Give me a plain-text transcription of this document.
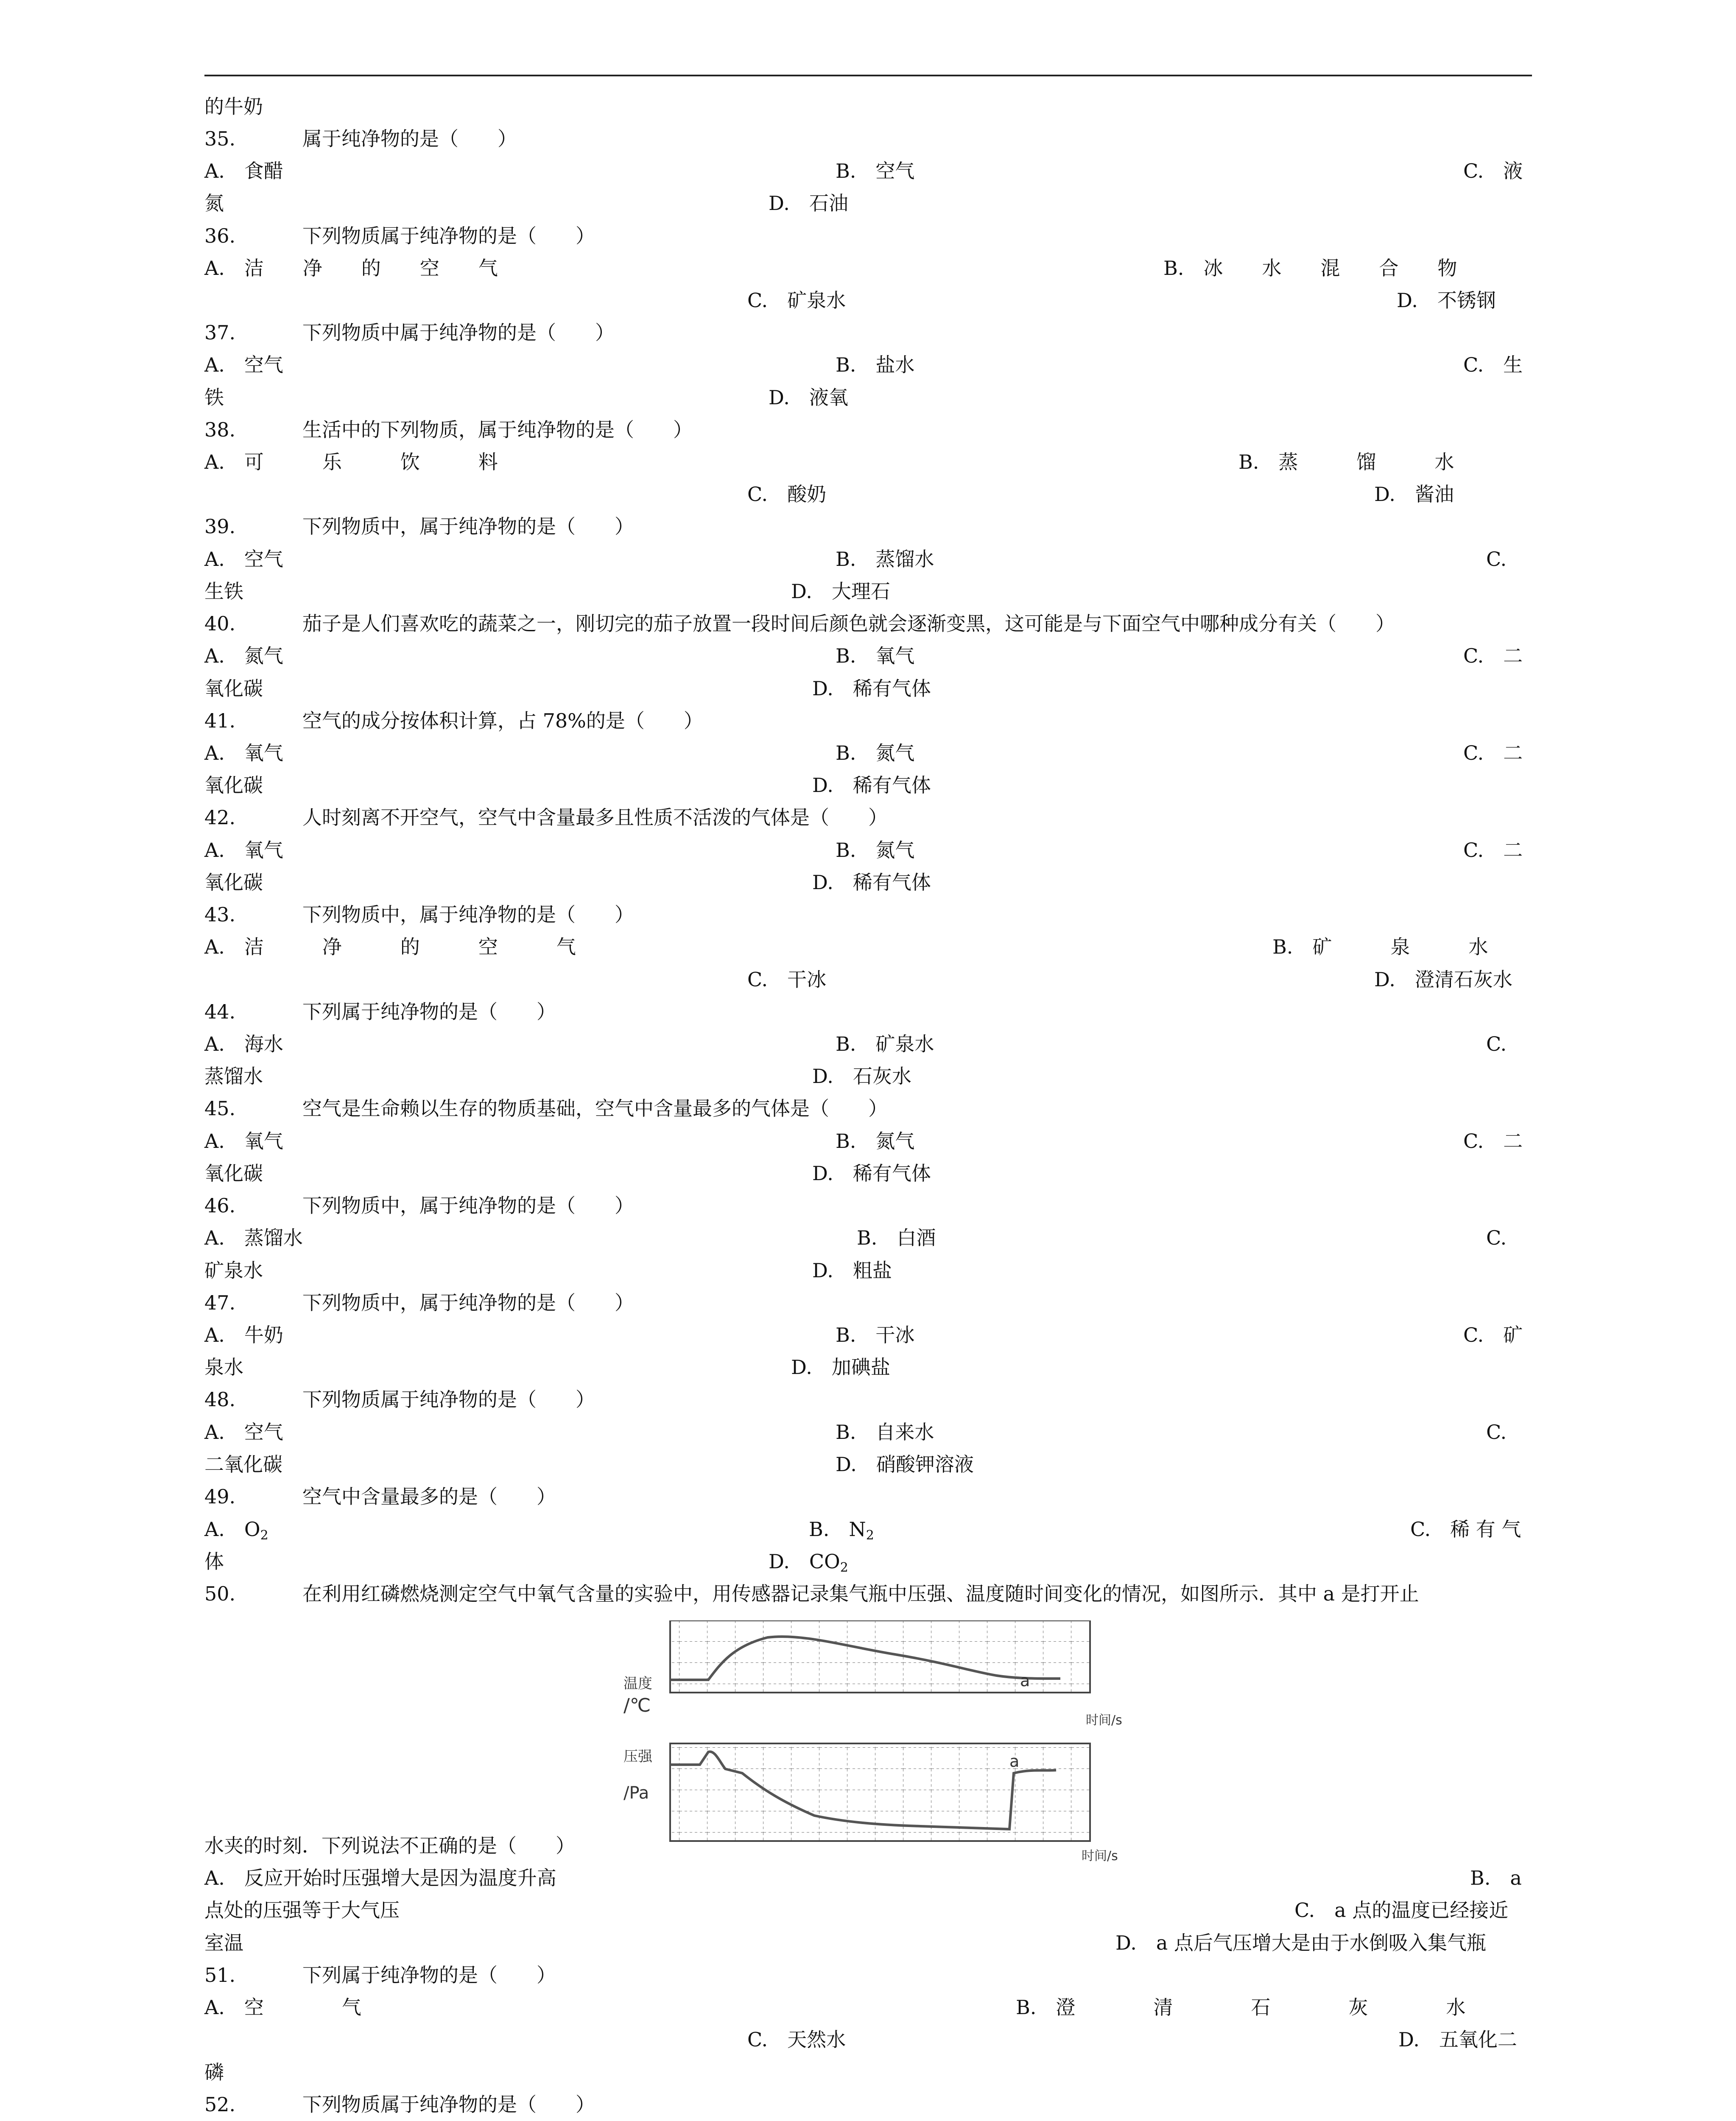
的牛奶
35.	属于纯净物的是（　　）
A.　食醋	B.　空气	C.　液
氮	D.　石油
36.	下列物质属于纯净物的是（　　）
A.　洁　　净　　的　　空　　气	B.　冰　　水　　混　　合　　物
C.　矿泉水	D.　不锈钢
37.	下列物质中属于纯净物的是（　　）
A.　空气	B.　盐水	C.　生
铁	D.　液氧
38.	生活中的下列物质，属于纯净物的是（　　）
A.　可　　　乐　　　饮　　　料	B.　蒸　　　馏　　　水
C.　酸奶	D.　酱油
39.	下列物质中，属于纯净物的是（　　）
A.　空气	B.　蒸馏水	C.
生铁	D.　大理石
40.	茄子是人们喜欢吃的蔬菜之一，刚切完的茄子放置一段时间后颜色就会逐渐变黑，这可能是与下面空气中哪种成分有关（　　）
A.　氮气	B.　氧气	C.　二
氧化碳	D.　稀有气体
41.	空气的成分按体积计算，占 78%的是（　　）
A.　氧气	B.　氮气	C.　二
氧化碳	D.　稀有气体
42.	人时刻离不开空气，空气中含量最多且性质不活泼的气体是（　　）
A.　氧气	B.　氮气	C.　二
氧化碳	D.　稀有气体
43.	下列物质中，属于纯净物的是（　　）
A.　洁　　　净　　　的　　　空　　　气	B.　矿　　　泉　　　水
C.　干冰	D.　澄清石灰水
44.	下列属于纯净物的是（　　）
A.　海水	B.　矿泉水	C.
蒸馏水	D.　石灰水
45.	空气是生命赖以生存的物质基础，空气中含量最多的气体是（　　）
A.　氧气	B.　氮气	C.　二
氧化碳	D.　稀有气体
46.	下列物质中，属于纯净物的是（　　）
A.　蒸馏水	B.　白酒	C.
矿泉水	D.　粗盐
47.	下列物质中，属于纯净物的是（　　）
A.　牛奶	B.　干冰	C.　矿
泉水	D.　加碘盐
48.	下列物质属于纯净物的是（　　）
A.　空气	B.　自来水	C.
二氧化碳	D.　硝酸钾溶液
49.	空气中含量最多的是（　　）
50.	在利用红磷燃烧测定空气中氧气含量的实验中，用传感器记录集气瓶中压强、温度随时间变化的情况，如图所示．其中 a 是打开止
水夹的时刻．下列说法不正确的是（　　）
A.　反应开始时压强增大是因为温度升高	B.　a
点处的压强等于大气压	C.　a 点的温度已经接近
室温	D.　a 点后气压增大是由于水倒吸入集气瓶
51.	下列属于纯净物的是（　　）
A.　空　　　　气	B.　澄　　　　清　　　　石　　　　灰　　　　水
C.　天然水	D.　五氧化二
磷
52.	下列物质属于纯净物的是（　　）
A.　$O_2$	B.　$N_2$	C.　稀 有 气
体	D.　$CO_2$
温度
/℃
a
时间/s
压强
/Pa
a
时间/s
